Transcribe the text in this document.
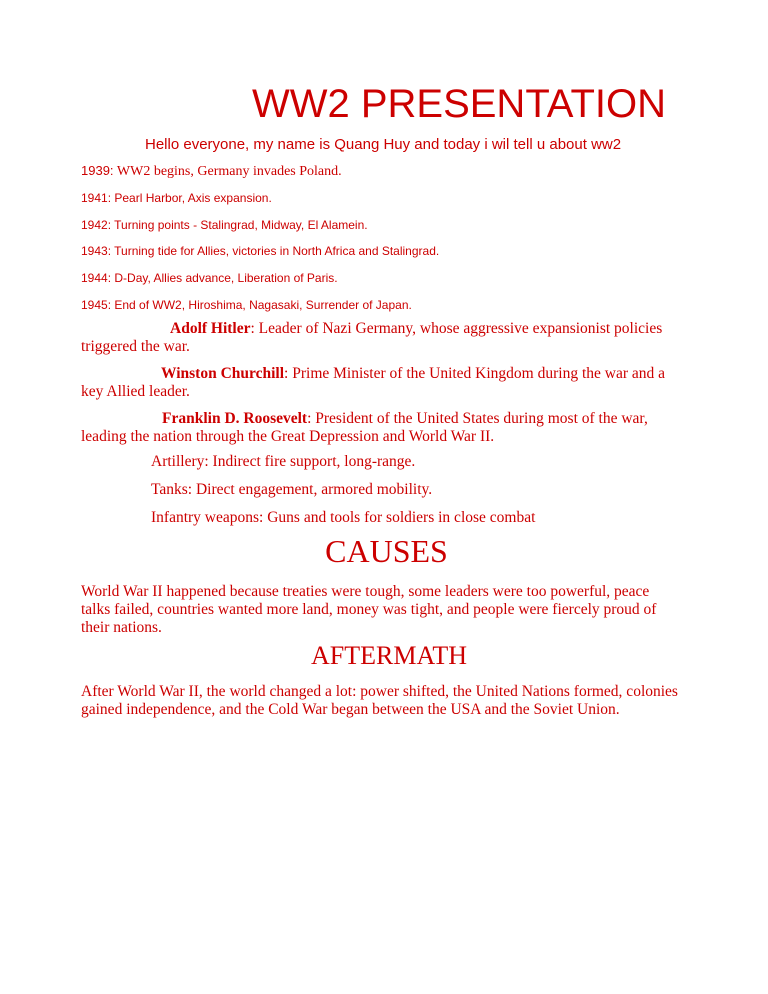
WW2 PRESENTATION
Hello everyone, my name is Quang Huy and today i wil tell u about ww2
1939: WW2 begins, Germany invades Poland.
1941: Pearl Harbor, Axis expansion.
1942: Turning points - Stalingrad, Midway, El Alamein.
1943: Turning tide for Allies, victories in North Africa and Stalingrad.
1944: D-Day, Allies advance, Liberation of Paris.
1945: End of WW2, Hiroshima, Nagasaki, Surrender of Japan.

Adolf Hitler: Leader of Nazi Germany, whose aggressive expansionist policies triggered the war.

Winston Churchill: Prime Minister of the United Kingdom during the war and a key Allied leader.

Franklin D. Roosevelt: President of the United States during most of the war, leading the nation through the Great Depression and World War II.

Artillery: Indirect fire support, long-range.
Tanks: Direct engagement, armored mobility.
Infantry weapons: Guns and tools for soldiers in close combat
CAUSES

World War II happened because treaties were tough, some leaders were too powerful, peace talks failed, countries wanted more land, money was tight, and people were fiercely proud of their nations.

AFTERMATH

After World War II, the world changed a lot: power shifted, the United Nations formed, colonies gained independence, and the Cold War began between the USA and the Soviet Union.
